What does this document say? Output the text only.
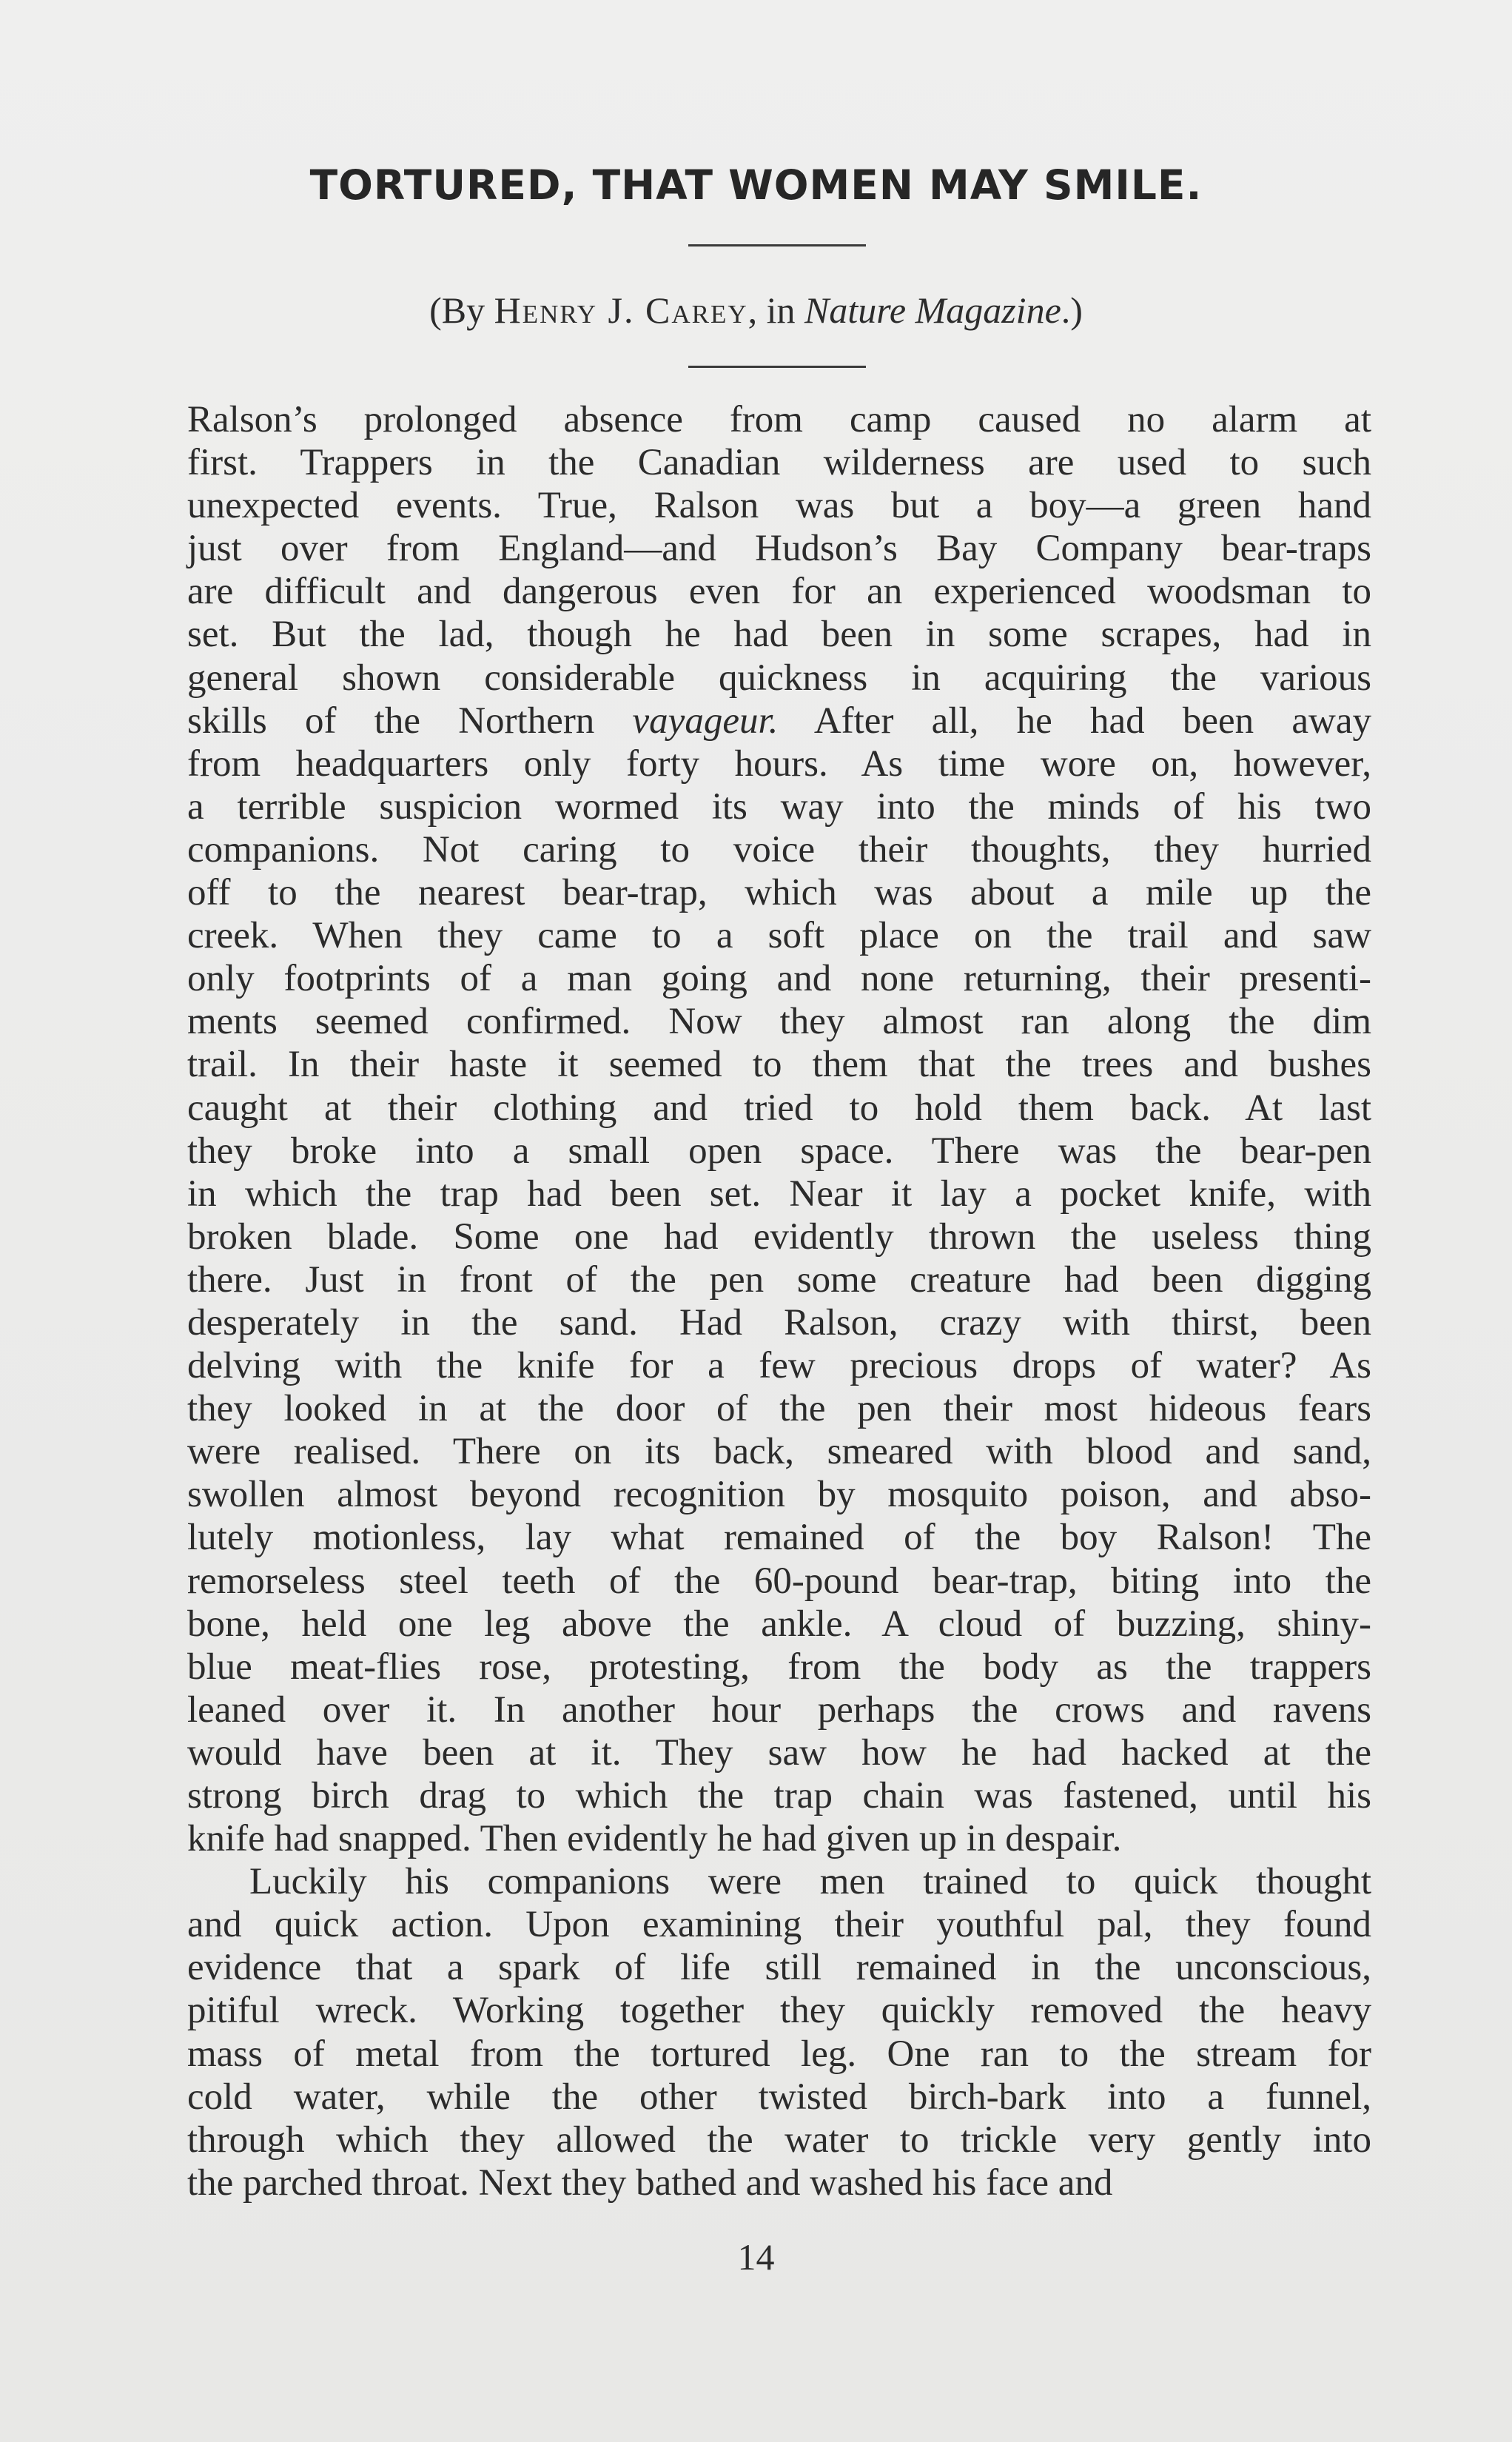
TORTURED, THAT WOMEN MAY SMILE.
(By Henry J. Carey, in Nature Magazine.)
Ralson’s prolonged absence from camp caused no alarm at
first. Trappers in the Canadian wilderness are used to such
unexpected events. True, Ralson was but a boy—a green hand
just over from England—and Hudson’s Bay Company bear-traps
are difficult and dangerous even for an experienced woodsman to
set. But the lad, though he had been in some scrapes, had in
general shown considerable quickness in acquiring the various
skills of the Northern vayageur. After all, he had been away
from headquarters only forty hours. As time wore on, however,
a terrible suspicion wormed its way into the minds of his two
companions. Not caring to voice their thoughts, they hurried
off to the nearest bear-trap, which was about a mile up the
creek. When they came to a soft place on the trail and saw
only footprints of a man going and none returning, their presenti-
ments seemed confirmed. Now they almost ran along the dim
trail. In their haste it seemed to them that the trees and bushes
caught at their clothing and tried to hold them back. At last
they broke into a small open space. There was the bear-pen
in which the trap had been set. Near it lay a pocket knife, with
broken blade. Some one had evidently thrown the useless thing
there. Just in front of the pen some creature had been digging
desperately in the sand. Had Ralson, crazy with thirst, been
delving with the knife for a few precious drops of water? As
they looked in at the door of the pen their most hideous fears
were realised. There on its back, smeared with blood and sand,
swollen almost beyond recognition by mosquito poison, and abso-
lutely motionless, lay what remained of the boy Ralson! The
remorseless steel teeth of the 60-pound bear-trap, biting into the
bone, held one leg above the ankle. A cloud of buzzing, shiny-
blue meat-flies rose, protesting, from the body as the trappers
leaned over it. In another hour perhaps the crows and ravens
would have been at it. They saw how he had hacked at the
strong birch drag to which the trap chain was fastened, until his
knife had snapped. Then evidently he had given up in despair.
Luckily his companions were men trained to quick thought
and quick action. Upon examining their youthful pal, they found
evidence that a spark of life still remained in the unconscious,
pitiful wreck. Working together they quickly removed the heavy
mass of metal from the tortured leg. One ran to the stream for
cold water, while the other twisted birch-bark into a funnel,
through which they allowed the water to trickle very gently into
the parched throat. Next they bathed and washed his face and
14
